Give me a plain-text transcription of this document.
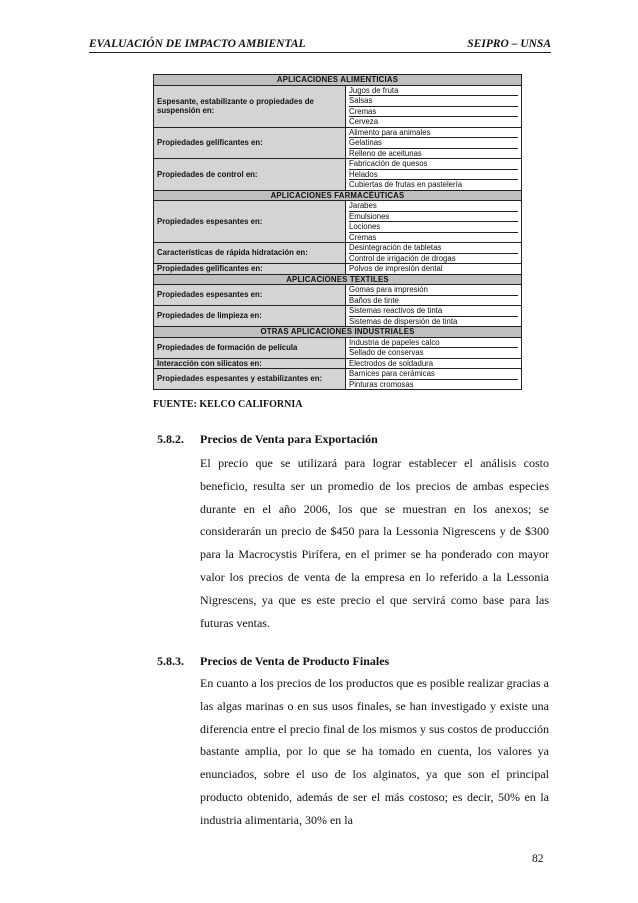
EVALUACIÓN DE IMPACTO AMBIENTAL	SEIPRO – UNSA
APLICACIONES ALIMENTICIAS	
Espesante, estabilizante o propiedades de suspensión en:	Jugos de fruta
Salsas
Cremas
Cerveza

Propiedades gelificantes en:	Alimento para animales
Gelatinas
Relleno de aceitunas

Propiedades de control en:	Fabricación de quesos
Helados
Cubiertas de frutas en pastelería

APLICACIONES FARMACÉUTICAS	
Propiedades espesantes en:	Jarabes
Emulsiones
Lociones
Cremas

Características de rápida hidratación en:	Desintegración de tabletas
Control de irrigación de drogas

Propiedades gelificantes en:	Polvos de impresión dental

APLICACIONES TEXTILES	
Propiedades espesantes en:	Gomas para impresión
Baños de tinte

Propiedades de limpieza en:	Sistemas reactivos de tinta
Sistemas de dispersión de tinta

OTRAS APLICACIONES INDUSTRIALES	
Propiedades de formación de película	Industria de papeles calco
Sellado de conservas

Interacción con silicatos en:	Electrodos de soldadura

Propiedades espesantes y estabilizantes en:	Barnices para cerámicas
Pinturas cromosas
FUENTE: KELCO CALIFORNIA
5.8.2.	Precios de Venta para Exportación
El precio que se utilizará para lograr establecer el análisis costo beneficio, resulta ser un promedio de los precios de ambas especies durante en el año 2006, los que se muestran en los anexos; se considerarán un precio de $450 para la Lessonia Nigrescens y de $300 para la Macrocystis Pirífera, en el primer se ha ponderado con mayor valor los precios de venta de la empresa en lo referido a la Lessonia Nigrescens, ya que es este precio el que servirá como base para las futuras ventas.
5.8.3.	Precios de Venta de Producto Finales
En cuanto a los precios de los productos que es posible realizar gracias a las algas marinas o en sus usos finales, se han investigado y existe una diferencia entre el precio final de los mismos y sus costos de producción bastante amplia, por lo que se ha tomado en cuenta, los valores ya enunciados, sobre el uso de los alginatos, ya que son el principal producto obtenido, además de ser el más costoso; es decir, 50% en la industria alimentaria, 30% en la
82
